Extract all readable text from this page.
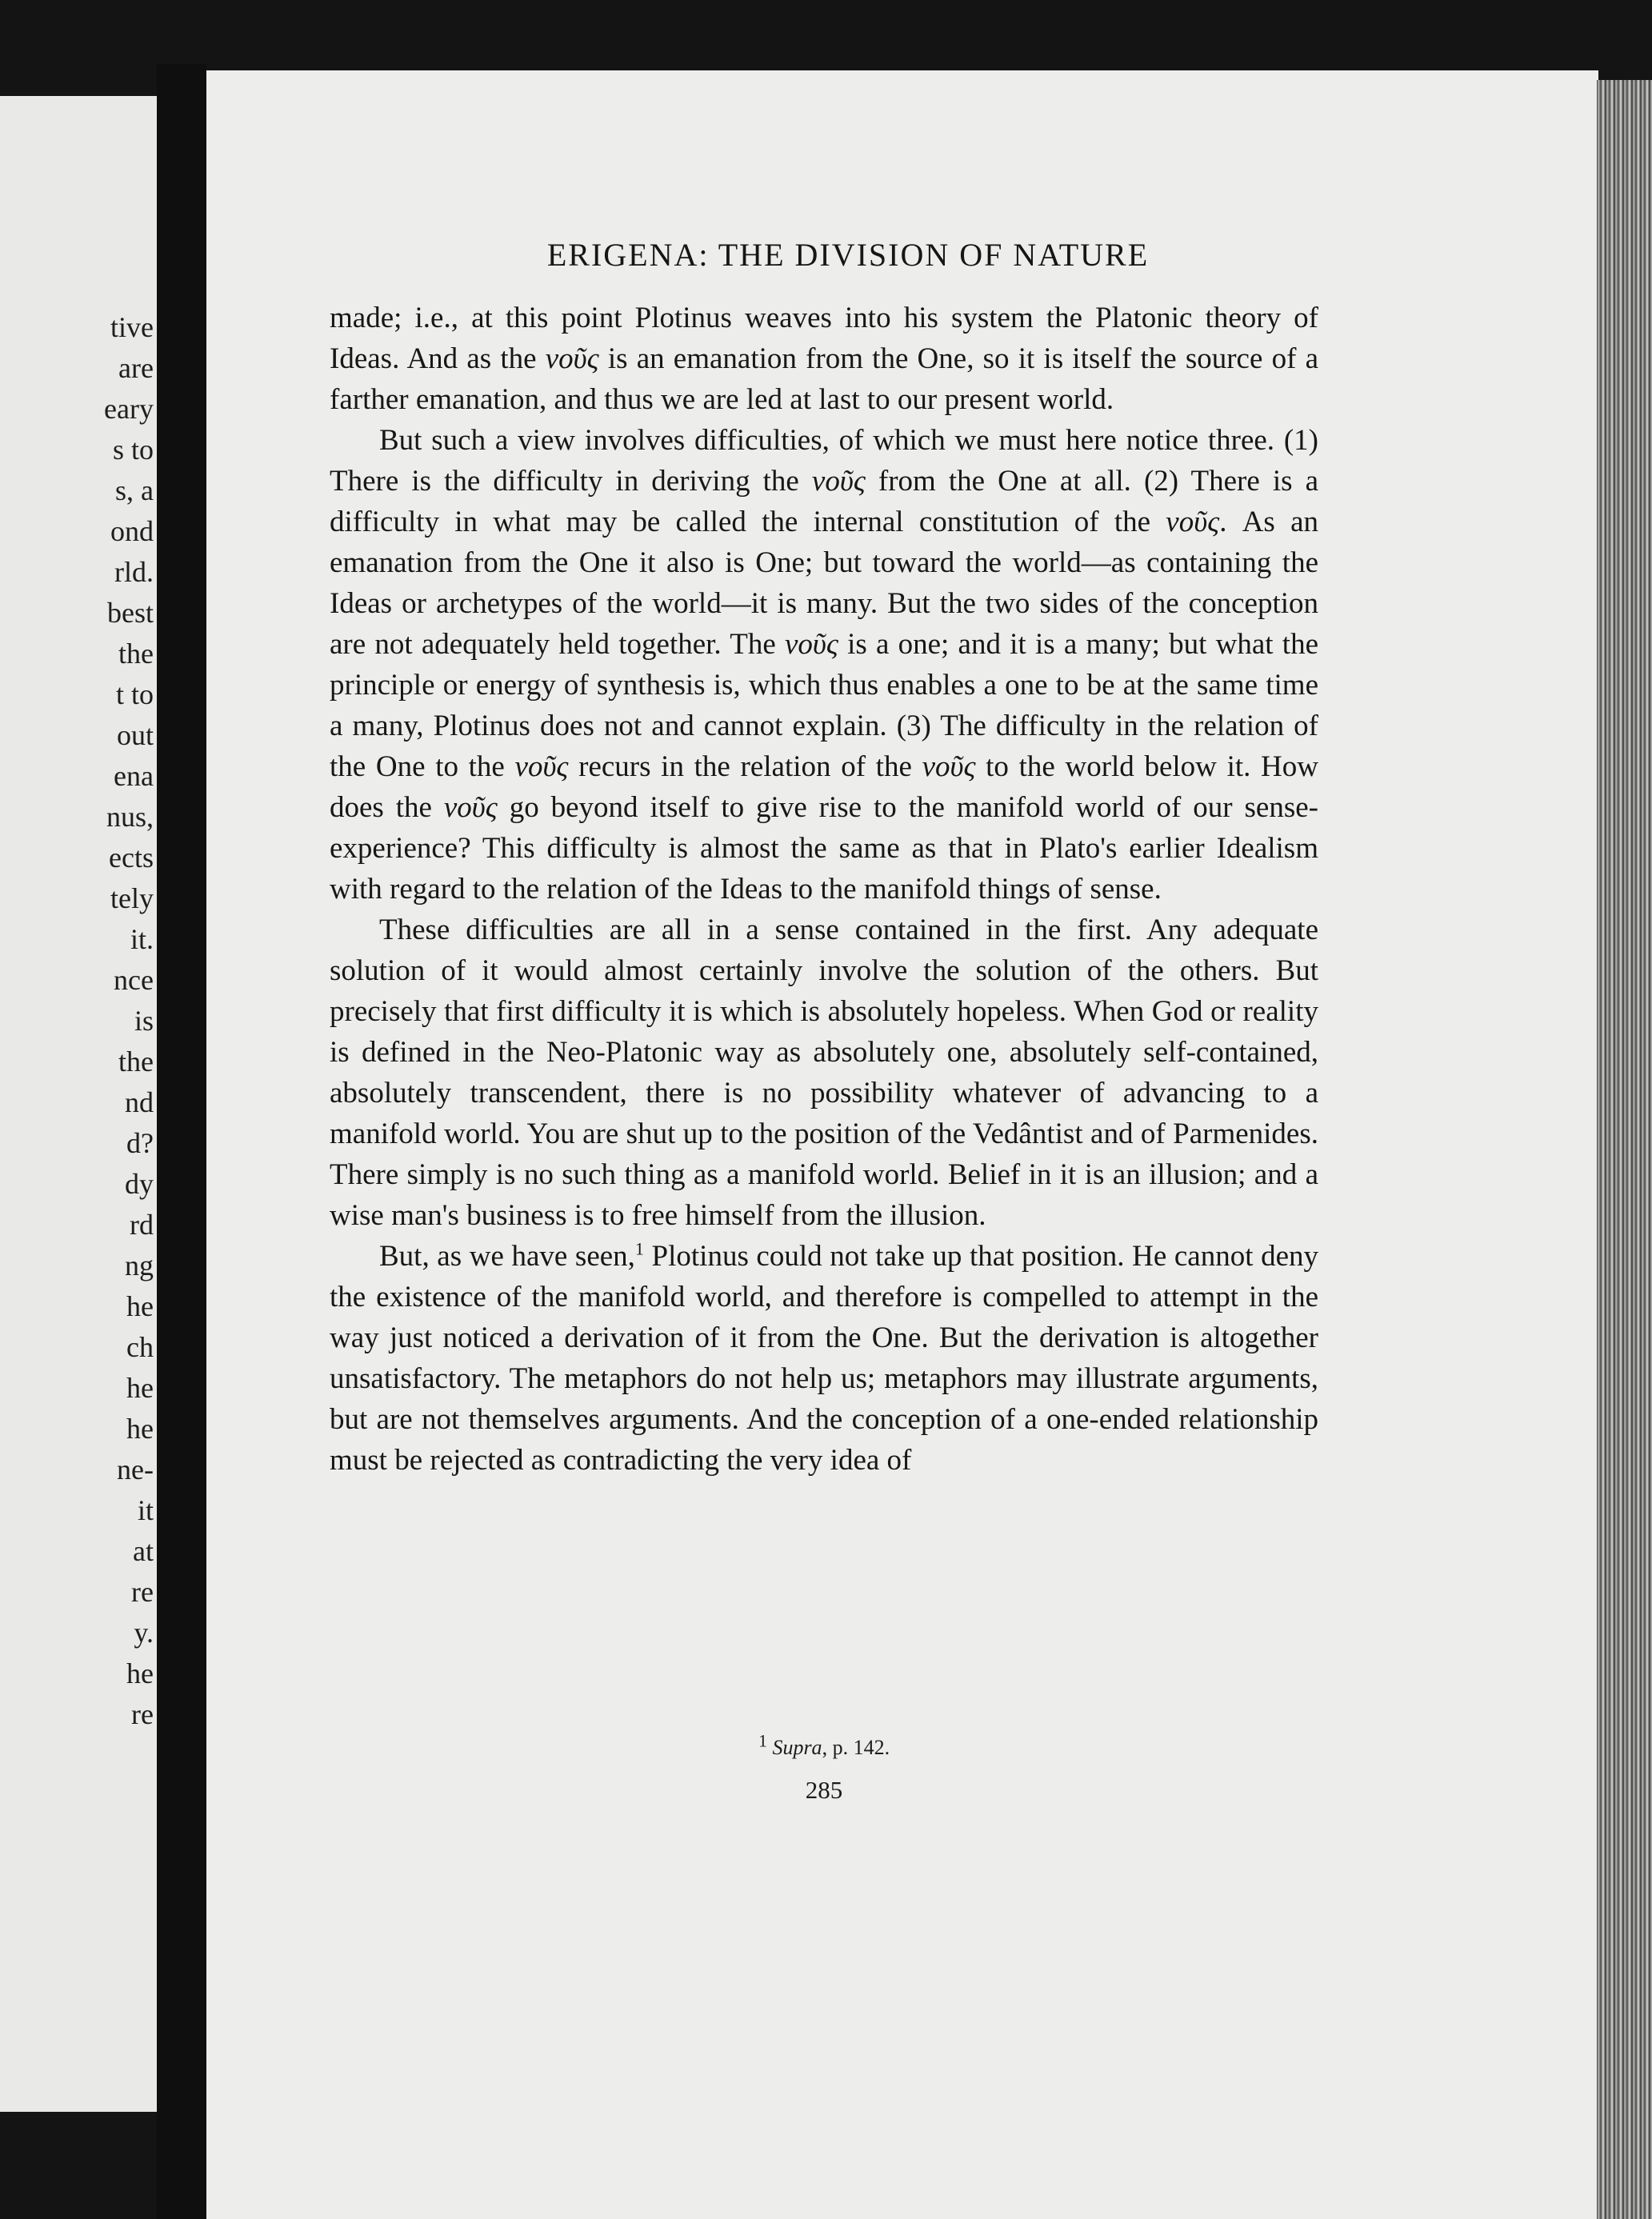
tive
are
eary
s to
s, a
ond
rld.
best
the
t to
out
ena
nus,
ects
tely
it.
nce
is
the
nd
d?
dy
rd
ng
he
ch
he
he
ne-
it
at
re
y.
he
re
ERIGENA: THE DIVISION OF NATURE

made; i.e., at this point Plotinus weaves into his system the Platonic theory of Ideas. And as the νοῦς is an emanation from the One, so it is itself the source of a farther emanation, and thus we are led at last to our present world.

But such a view involves difficulties, of which we must here notice three. (1) There is the difficulty in deriving the νοῦς from the One at all. (2) There is a difficulty in what may be called the internal constitution of the νοῦς. As an emanation from the One it also is One; but toward the world—as containing the Ideas or archetypes of the world—it is many. But the two sides of the conception are not adequately held together. The νοῦς is a one; and it is a many; but what the principle or energy of synthesis is, which thus enables a one to be at the same time a many, Plotinus does not and cannot explain. (3) The difficulty in the relation of the One to the νοῦς recurs in the relation of the νοῦς to the world below it. How does the νοῦς go beyond itself to give rise to the manifold world of our sense-experience? This difficulty is almost the same as that in Plato's earlier Idealism with regard to the relation of the Ideas to the manifold things of sense.

These difficulties are all in a sense contained in the first. Any adequate solution of it would almost certainly involve the solution of the others. But precisely that first difficulty it is which is absolutely hopeless. When God or reality is defined in the Neo-Platonic way as absolutely one, absolutely self-contained, absolutely transcendent, there is no possibility whatever of advancing to a manifold world. You are shut up to the position of the Vedântist and of Parmenides. There simply is no such thing as a manifold world. Belief in it is an illusion; and a wise man's business is to free himself from the illusion.

But, as we have seen,$^1$ Plotinus could not take up that position. He cannot deny the existence of the manifold world, and therefore is compelled to attempt in the way just noticed a derivation of it from the One. But the derivation is altogether unsatisfactory. The metaphors do not help us; metaphors may illustrate arguments, but are not themselves arguments. And the conception of a one-ended relationship must be rejected as contradicting the very idea of

$^1$ Supra, p. 142.
285
